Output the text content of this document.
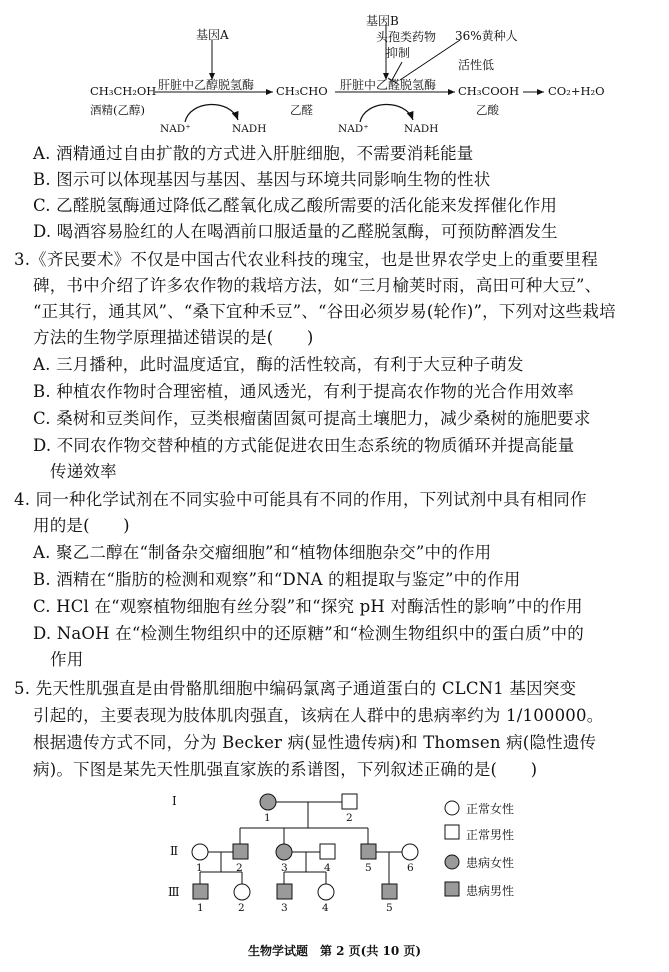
基因A
基因B
头孢类药物
抑制
36%黄种人
活性低
CH₃CH₂OH
酒精(乙醇)
肝脏中乙醇脱氢酶 CH₃CHO
乙醛
肝脏中乙醛脱氢酶 CH₃COOH
乙酸
CO₂+H₂O
NAD⁺	NADH	NAD⁺	NADH
A. 酒精通过自由扩散的方式进入肝脏细胞，不需要消耗能量
B. 图示可以体现基因与基因、基因与环境共同影响生物的性状
C. 乙醛脱氢酶通过降低乙醛氧化成乙酸所需要的活化能来发挥催化作用
D. 喝酒容易脸红的人在喝酒前口服适量的乙醛脱氢酶，可预防醉酒发生
3.《齐民要术》不仅是中国古代农业科技的瑰宝，也是世界农学史上的重要里程
碑，书中介绍了许多农作物的栽培方法，如“三月榆荚时雨，高田可种大豆”、
“正其行，通其风”、“桑下宜种禾豆”、“谷田必须岁易(轮作)”，下列对这些栽培
方法的生物学原理描述错误的是(　　)
A. 三月播种，此时温度适宜，酶的活性较高，有利于大豆种子萌发
B. 种植农作物时合理密植，通风透光，有利于提高农作物的光合作用效率
C. 桑树和豆类间作，豆类根瘤菌固氮可提高土壤肥力，减少桑树的施肥要求
D. 不同农作物交替种植的方式能促进农田生态系统的物质循环并提高能量
传递效率
4. 同一种化学试剂在不同实验中可能具有不同的作用，下列试剂中具有相同作
用的是(　　)
A. 聚乙二醇在“制备杂交瘤细胞”和“植物体细胞杂交”中的作用
B. 酒精在“脂肪的检测和观察”和“DNA 的粗提取与鉴定”中的作用
C. HCl 在“观察植物细胞有丝分裂”和“探究 pH 对酶活性的影响”中的作用
D. NaOH 在“检测生物组织中的还原糖”和“检测生物组织中的蛋白质”中的
作用
5. 先天性肌强直是由骨骼肌细胞中编码氯离子通道蛋白的 CLCN1 基因突变
引起的，主要表现为肢体肌肉强直，该病在人群中的患病率约为 1/100000。
根据遗传方式不同，分为 Becker 病(显性遗传病)和 Thomsen 病(隐性遗传
病)。下图是某先天性肌强直家族的系谱图，下列叙述正确的是(　　)
Ⅰ
Ⅱ
Ⅲ
1	2
1	2	3	4	5	6
1	2	3	4	5
正常女性
正常男性
患病女性
患病男性
生物学试题　第 2 页(共 10 页)
